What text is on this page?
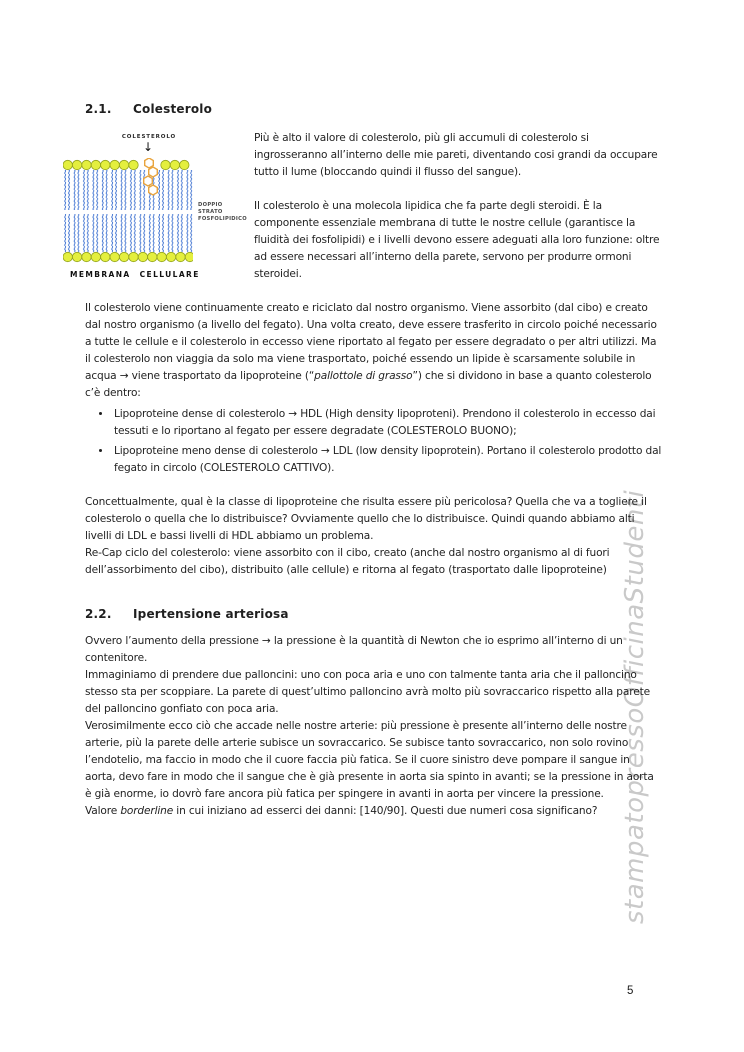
stampatopressoOfficinaStudenti
2.1.	Colesterolo
COLESTEROLO
↓
DOPPIO
STRATO
FOSFOLIPIDICO
MEMBRANA CELLULARE

Più è alto il valore di colesterolo, più gli accumuli di colesterolo si ingrosseranno all’interno delle mie pareti, diventando cosi grandi da occupare tutto il lume (bloccando quindi il flusso del sangue).

Il colesterolo è una molecola lipidica che fa parte degli steroidi. È la componente essenziale membrana di tutte le nostre cellule (garantisce la fluidità dei fosfolipidi) e i livelli devono essere adeguati alla loro funzione: oltre ad essere necessari all’interno della parete, servono per produrre ormoni steroidei.

Il colesterolo viene continuamente creato e riciclato dal nostro organismo. Viene assorbito (dal cibo) e creato dal nostro organismo (a livello del fegato). Una volta creato, deve essere trasferito in circolo poiché necessario a tutte le cellule e il colesterolo in eccesso viene riportato al fegato per essere degradato o per altri utilizzi. Ma il colesterolo non viaggia da solo ma viene trasportato, poiché essendo un lipide è scarsamente solubile in acqua → viene trasportato da lipoproteine (“pallottole di grasso”) che si dividono in base a quanto colesterolo c’è dentro:

• Lipoproteine dense di colesterolo → HDL (High density lipoproteni). Prendono il colesterolo in eccesso dai tessuti e lo riportano al fegato per essere degradate (COLESTEROLO BUONO);
• Lipoproteine meno dense di colesterolo → LDL (low density lipoprotein). Portano il colesterolo prodotto dal fegato in circolo (COLESTEROLO CATTIVO).

Concettualmente, qual è la classe di lipoproteine che risulta essere più pericolosa? Quella che va a togliere il colesterolo o quella che lo distribuisce? Ovviamente quello che lo distribuisce. Quindi quando abbiamo alti livelli di LDL e bassi livelli di HDL abbiamo un problema.

Re-Cap ciclo del colesterolo: viene assorbito con il cibo, creato (anche dal nostro organismo al di fuori dell’assorbimento del cibo), distribuito (alle cellule) e ritorna al fegato (trasportato dalle lipoproteine)

2.2.	Ipertensione arteriosa

Ovvero l’aumento della pressione → la pressione è la quantità di Newton che io esprimo all’interno di un contenitore.

Immaginiamo di prendere due palloncini: uno con poca aria e uno con talmente tanta aria che il palloncino stesso sta per scoppiare. La parete di quest’ultimo palloncino avrà molto più sovraccarico rispetto alla parete del palloncino gonfiato con poca aria.

Verosimilmente ecco ciò che accade nelle nostre arterie: più pressione è presente all’interno delle nostre arterie, più la parete delle arterie subisce un sovraccarico. Se subisce tanto sovraccarico, non solo rovino l’endotelio, ma faccio in modo che il cuore faccia più fatica. Se il cuore sinistro deve pompare il sangue in aorta, devo fare in modo che il sangue che è già presente in aorta sia spinto in avanti; se la pressione in aorta è già enorme, io dovrò fare ancora più fatica per spingere in avanti in aorta per vincere la pressione.

Valore borderline in cui iniziano ad esserci dei danni: [140/90]. Questi due numeri cosa significano?

5
